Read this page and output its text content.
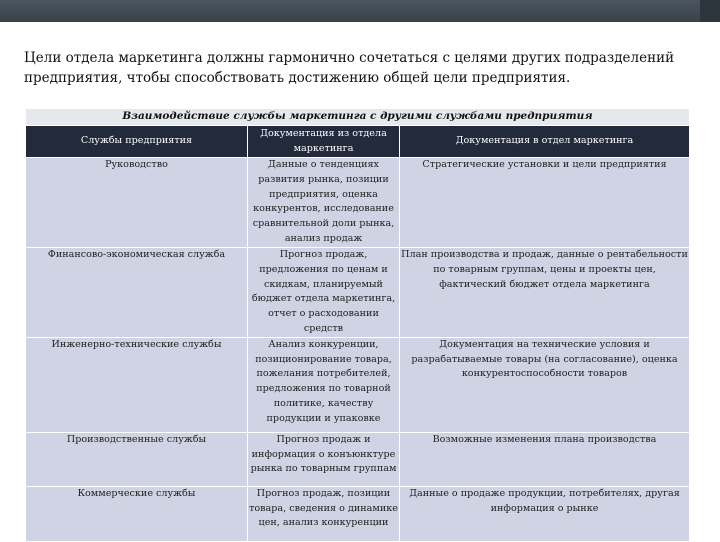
Цели отдела маркетинга должны гармонично сочетаться с целями других подразделений предприятия, чтобы способствовать достижению общей цели предприятия.
Взаимодействие службы маркетинга с другими службами предприятия		
Службы предприятия	Документация из отдела маркетинга	Документация в отдел маркетинга
Руководство	Данные о тенденциях развития рынка, позиции предприятия, оценка конкурентов, исследование сравнительной доли рынка, анализ продаж	Стратегические установки и цели предприятия
Финансово-экономическая служба	Прогноз продаж, предложения по ценам и скидкам, планируемый бюджет отдела маркетинга, отчет о расходовании средств	План производства и продаж, данные о рентабельности по товарным группам, цены и проекты цен, фактический бюджет отдела маркетинга
Инженерно-технические службы	Анализ конкуренции, позиционирование товара, пожелания потребителей, предложения по товарной политике, качеству продукции и упаковке	Документация на технические условия и разрабатываемые товары (на согласование), оценка конкурентоспособности товаров
Производственные службы	Прогноз продаж и информация о конъюнктуре рынка по товарным группам	Возможные изменения плана производства
Коммерческие службы	Прогноз продаж, позиции товара, сведения о динамике цен, анализ конкуренции	Данные о продаже продукции, потребителях, другая информация о рынке
